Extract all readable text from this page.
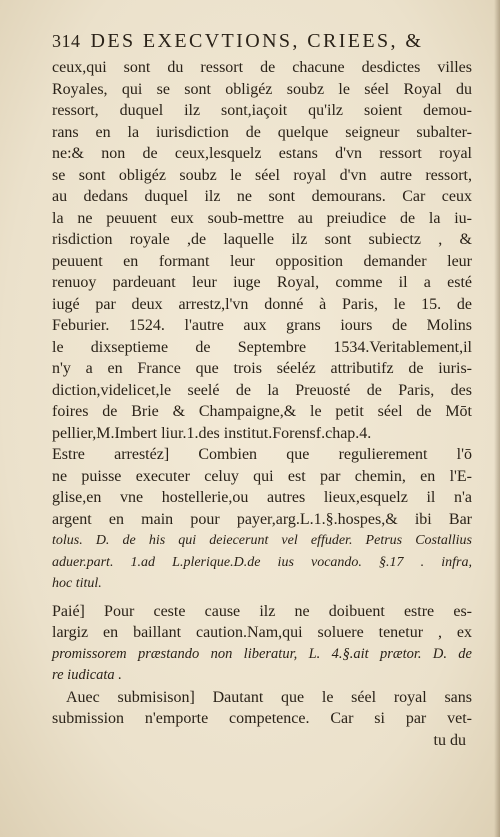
314 DES EXECVTIONS, CRIEES, &
ceux,qui sont du ressort de chacune desdictes villes
Royales, qui se sont obligéz soubz le séel Royal du
ressort, duquel ilz sont,iaçoit qu'ilz soient demou-
rans en la iurisdiction de quelque seigneur subalter-
ne:& non de ceux,lesquelz estans d'vn ressort royal
se sont obligéz soubz le séel royal d'vn autre ressort,
au dedans duquel ilz ne sont demourans. Car ceux
la ne peuuent eux soub-mettre au preiudice de la iu-
risdiction royale ,de laquelle ilz sont subiectz , &
peuuent en formant leur opposition demander leur
renuoy pardeuant leur iuge Royal, comme il a esté
iugé par deux arrestz,l'vn donné à Paris, le 15. de
Feburier. 1524. l'autre aux grans iours de Molins
le dixseptieme de Septembre 1534.Veritablement,il
n'y a en France que trois séeléz attributifz de iuris-
diction,videlicet,le seelé de la Preuosté de Paris, des
foires de Brie & Champaigne,& le petit séel de Mōt
pellier,M.Imbert liur.1.des institut.Forensf.chap.4.
Estre arrestéz] Combien que regulierement l'ō
ne puisse executer celuy qui est par chemin, en l'E-
glise,en vne hostellerie,ou autres lieux,esquelz il n'a
argent en main pour payer,arg.L.1.§.hospes,& ibi Bar
tolus. D. de his qui deiecerunt vel effuder. Petrus Costallius
aduer.part. 1.ad L.plerique.D.de ius vocando. §.17 . infra,
hoc titul.
Paié] Pour ceste cause ilz ne doibuent estre es-
largiz en baillant caution.Nam,qui soluere tenetur , ex
promissorem præstando non liberatur, L. 4.§.ait prætor. D. de
re iudicata .
Auec submisison] Dautant que le séel royal sans
submission n'emporte competence. Car si par vet-
tu du
